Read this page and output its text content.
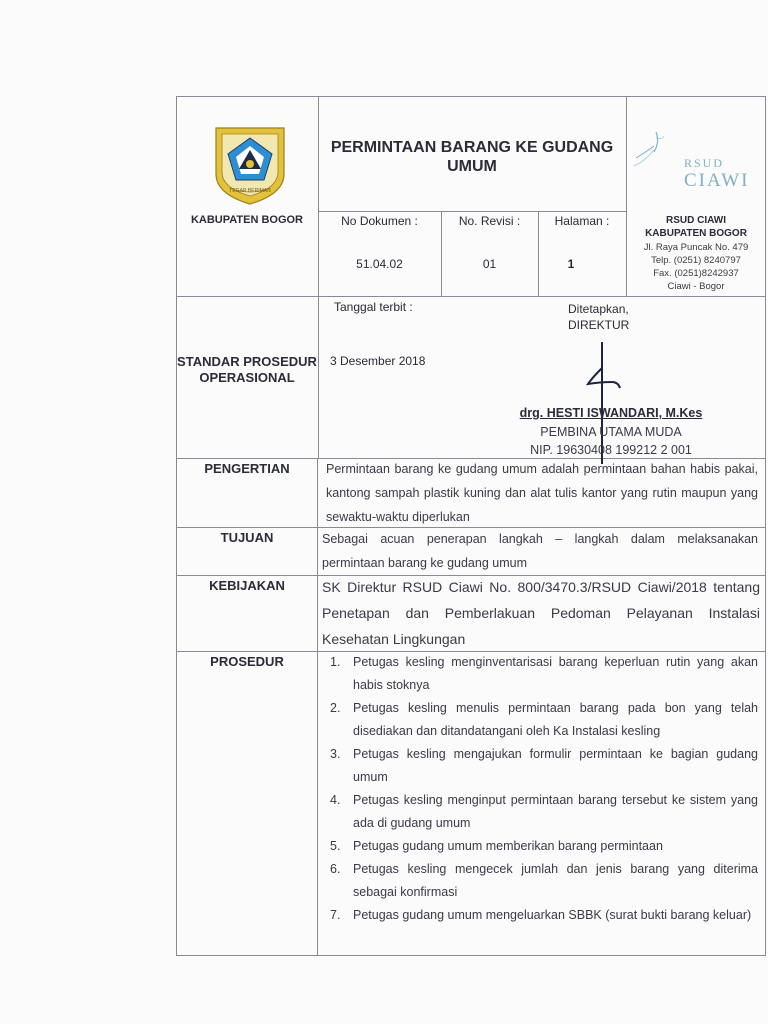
TEGAR BERIMAN
KABUPATEN BOGOR
PERMINTAAN BARANG KE GUDANG UMUM	RSUD
CIAWI
RSUD CIAWI
KABUPATEN BOGOR
Jl. Raya Puncak No. 479
Telp. (0251) 8240797
Fax. (0251)8242937
Ciawi - Bogor
No Dokumen :
51.04.02
No. Revisi :
01
Halaman :
1
STANDAR PROSEDUR OPERASIONAL
Tanggal terbit :
3 Desember 2018
Ditetapkan,
DIREKTUR
drg. HESTI ISWANDARI, M.Kes
PEMBINA UTAMA MUDA
NIP. 19630408 199212 2 001
PENGERTIAN	Permintaan barang ke gudang umum adalah permintaan bahan habis pakai, kantong sampah plastik kuning dan alat tulis kantor yang rutin maupun yang sewaktu-waktu diperlukan
TUJUAN	Sebagai acuan penerapan langkah – langkah dalam melaksanakan permintaan barang ke gudang umum
KEBIJAKAN	SK Direktur RSUD Ciawi No. 800/3470.3/RSUD Ciawi/2018 tentang Penetapan dan Pemberlakuan Pedoman Pelayanan Instalasi Kesehatan Lingkungan
PROSEDUR	1. Petugas kesling menginventarisasi barang keperluan rutin yang akan habis stoknya
2. Petugas kesling menulis permintaan barang pada bon yang telah disediakan dan ditandatangani oleh Ka Instalasi kesling
3. Petugas kesling mengajukan formulir permintaan ke bagian gudang umum
4. Petugas kesling menginput permintaan barang tersebut ke sistem yang ada di gudang umum
5. Petugas gudang umum memberikan barang permintaan
6. Petugas kesling mengecek jumlah dan jenis barang yang diterima sebagai konfirmasi
7. Petugas gudang umum mengeluarkan SBBK (surat bukti barang keluar)
